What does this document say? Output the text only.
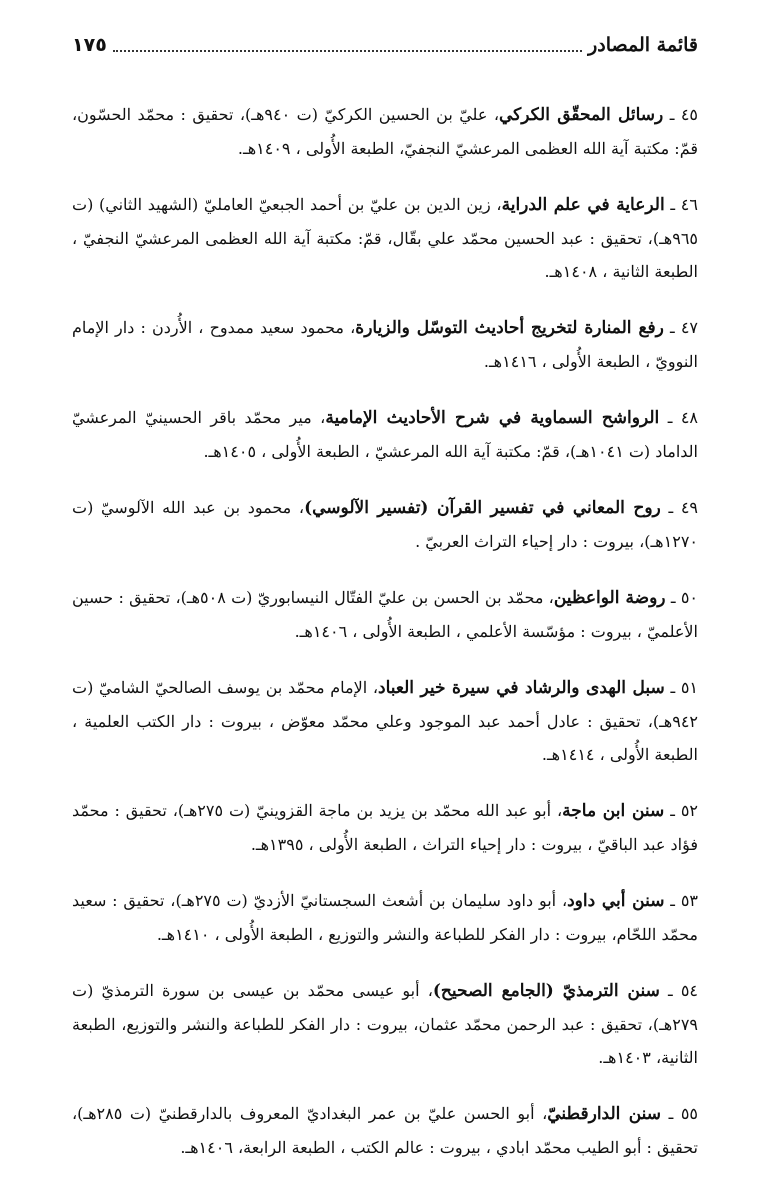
قائمة المصادر
١٧٥

٤٥ ـ رسائل المحقّق الكركي، عليّ بن الحسين الكركيّ (ت ٩٤٠هـ)، تحقيق : محمّد الحسّون، قمّ: مكتبة آية الله العظمى المرعشيّ النجفيّ، الطبعة الأُولى ، ١٤٠٩هـ.

٤٦ ـ الرعاية في علم الدراية، زين الدين بن عليّ بن أحمد الجبعيّ العامليّ (الشهيد الثاني) (ت ٩٦٥هـ)، تحقيق : عبد الحسين محمّد علي بقّال، قمّ: مكتبة آية الله العظمى المرعشيّ النجفيّ ، الطبعة الثانية ، ١٤٠٨هـ.

٤٧ ـ رفع المنارة لتخريج أحاديث التوسّل والزيارة، محمود سعيد ممدوح ، الأُردن : دار الإمام النوويّ ، الطبعة الأُولى ، ١٤١٦هـ.

٤٨ ـ الرواشح السماوية في شرح الأحاديث الإمامية، مير محمّد باقر الحسينيّ المرعشيّ الداماد (ت ١٠٤١هـ)، قمّ: مكتبة آية الله المرعشيّ ، الطبعة الأُولى ، ١٤٠٥هـ.

٤٩ ـ روح المعاني في تفسير القرآن (تفسير الآلوسي)، محمود بن عبد الله الآلوسيّ (ت ١٢٧٠هـ)، بيروت : دار إحياء التراث العربيّ .

٥٠ ـ روضة الواعظين، محمّد بن الحسن بن عليّ الفتّال النيسابوريّ (ت ٥٠٨هـ)، تحقيق : حسين الأعلميّ ، بيروت : مؤسّسة الأعلمي ، الطبعة الأُولى ، ١٤٠٦هـ.

٥١ ـ سبل الهدى والرشاد في سيرة خير العباد، الإمام محمّد بن يوسف الصالحيّ الشاميّ (ت ٩٤٢هـ)، تحقيق : عادل أحمد عبد الموجود وعلي محمّد معوّض ، بيروت : دار الكتب العلمية ، الطبعة الأُولى ، ١٤١٤هـ.

٥٢ ـ سنن ابن ماجة، أبو عبد الله محمّد بن يزيد بن ماجة القزوينيّ (ت ٢٧٥هـ)، تحقيق : محمّد فؤاد عبد الباقيّ ، بيروت : دار إحياء التراث ، الطبعة الأُولى ، ١٣٩٥هـ.

٥٣ ـ سنن أبي داود، أبو داود سليمان بن أشعث السجستانيّ الأزديّ (ت ٢٧٥هـ)، تحقيق : سعيد محمّد اللحّام، بيروت : دار الفكر للطباعة والنشر والتوزيع ، الطبعة الأُولى ، ١٤١٠هـ.

٥٤ ـ سنن الترمذيّ (الجامع الصحيح)، أبو عيسى محمّد بن عيسى بن سورة الترمذيّ (ت ٢٧٩هـ)، تحقيق : عبد الرحمن محمّد عثمان، بيروت : دار الفكر للطباعة والنشر والتوزيع، الطبعة الثانية، ١٤٠٣هـ.

٥٥ ـ سنن الدارقطنيّ، أبو الحسن عليّ بن عمر البغداديّ المعروف بالدارقطنيّ (ت ٢٨٥هـ)، تحقيق : أبو الطيب محمّد ابادي ، بيروت : عالم الكتب ، الطبعة الرابعة، ١٤٠٦هـ.
